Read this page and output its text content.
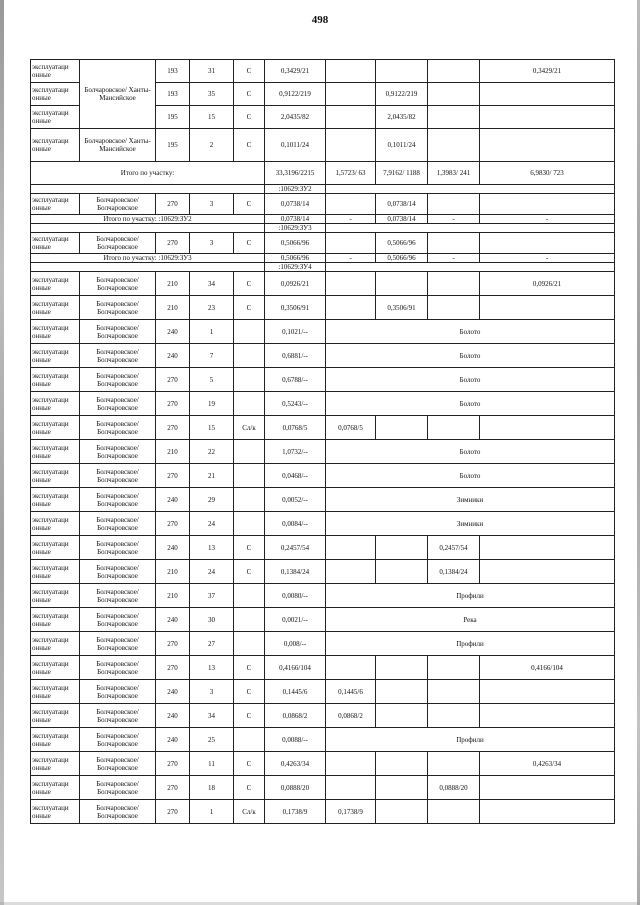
498
эксплуатаци онные	Болчаровское/ Ханты-Мансийское	193	31	С	0,3429/21				0,3429/21
эксплуатаци онные		193	35	С	0,9122/219		0,9122/219		
эксплуатаци онные		195	15	С	2,0435/82		2,0435/82		
эксплуатаци онные	Болчаровское/ Ханты-Мансийское	195	2	С	0,1011/24		0,1011/24		
Итого по участку:					33,3196/2215	1,5723/ 63	7,9162/ 1188	1,3983/ 241	6,9830/ 723
					:10629:ЗУ2				
эксплуатаци онные	Болчаровское/ Болчаровское	270	3	С	0,0738/14		0,0738/14		
Итого по участку: :10629:ЗУ2					0,0738/14	-	0,0738/14	-	-
					:10629:ЗУ3				
эксплуатаци онные	Болчаровское/ Болчаровское	270	3	С	0,5066/96		0,5066/96		
Итого по участку: :10629:ЗУ3					0,5066/96	-	0,5066/96	-	-
					:10629:ЗУ4				
эксплуатаци онные	Болчаровское/ Болчаровское	210	34	С	0,0926/21				0,0926/21
эксплуатаци онные	Болчаровское/ Болчаровское	210	23	С	0,3506/91		0,3506/91		
эксплуатаци онные	Болчаровское/ Болчаровское	240	1		0,1021/--	Болото			
эксплуатаци онные	Болчаровское/ Болчаровское	240	7		0,6881/--	Болото			
эксплуатаци онные	Болчаровское/ Болчаровское	270	5		0,6788/--	Болото			
эксплуатаци онные	Болчаровское/ Болчаровское	270	19		0,5243/--	Болото			
эксплуатаци онные	Болчаровское/ Болчаровское	270	15	Сл/к	0,0768/5	0,0768/5			
эксплуатаци онные	Болчаровское/ Болчаровское	210	22		1,0732/--	Болото			
эксплуатаци онные	Болчаровское/ Болчаровское	270	21		0,0468/--	Болото			
эксплуатаци онные	Болчаровское/ Болчаровское	240	29		0,0052/--	Зимники			
эксплуатаци онные	Болчаровское/ Болчаровское	270	24		0,0084/--	Зимники			
эксплуатаци онные	Болчаровское/ Болчаровское	240	13	С	0,2457/54			0,2457/54	
эксплуатаци онные	Болчаровское/ Болчаровское	210	24	С	0,1384/24			0,1384/24	
эксплуатаци онные	Болчаровское/ Болчаровское	210	37		0,0080/--	Профили			
эксплуатаци онные	Болчаровское/ Болчаровское	240	30		0,0021/--	Река			
эксплуатаци онные	Болчаровское/ Болчаровское	270	27		0,008/--	Профили			
эксплуатаци онные	Болчаровское/ Болчаровское	270	13	С	0,4166/104				0,4166/104
эксплуатаци онные	Болчаровское/ Болчаровское	240	3	С	0,1445/6	0,1445/6			
эксплуатаци онные	Болчаровское/ Болчаровское	240	34	С	0,0868/2	0,0868/2			
эксплуатаци онные	Болчаровское/ Болчаровское	240	25		0,0088/--	Профили			
эксплуатаци онные	Болчаровское/ Болчаровское	270	11	С	0,4263/34				0,4263/34
эксплуатаци онные	Болчаровское/ Болчаровское	270	18	С	0,0888/20			0,0888/20	
эксплуатаци онные	Болчаровское/ Болчаровское	270	1	Сл/к	0,1738/9	0,1738/9			
